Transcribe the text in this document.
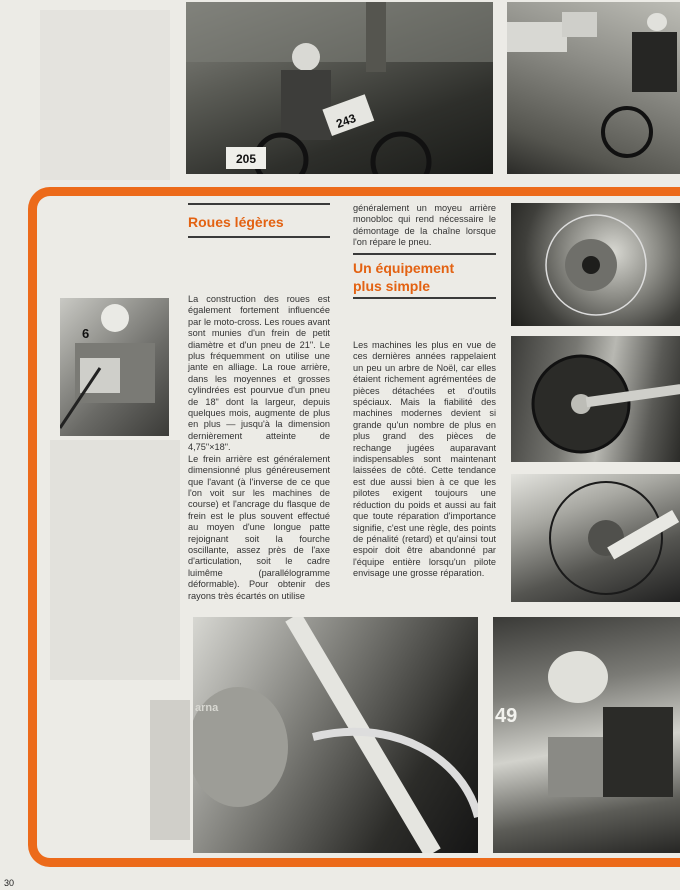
205
243
6
arna	49
Roues légères

La construction des roues est également fortement influencée par le moto-cross. Les roues avant sont munies d'un frein de petit diamètre et d'un pneu de 21". Le plus fréquemment on utilise une jante en alliage. La roue arrière, dans les moyennes et grosses cylindrées est pourvue d'un pneu de 18" dont la largeur, depuis quelques mois, augmente de plus en plus — jusqu'à la dimension dernièrement atteinte de 4,75"×18".

Le frein arrière est généralement dimensionné plus généreusement que l'avant (à l'inverse de ce que l'on voit sur les machines de course) et l'ancrage du flasque de frein est le plus souvent effectué au moyen d'une longue patte rejoignant soit la fourche oscillante, assez près de l'axe d'articulation, soit le cadre luimême (parallélogramme déformable). Pour obtenir des rayons très écartés on utilise

généralement un moyeu arrière monobloc qui rend nécessaire le démontage de la chaîne lorsque l'on répare le pneu.

Un équipement
plus simple

Les machines les plus en vue de ces dernières années rappelaient un peu un arbre de Noël, car elles étaient richement agrémentées de pièces détachées et d'outils spéciaux. Mais la fiabilité des machines modernes devient si grande qu'un nombre de plus en plus grand des pièces de rechange jugées auparavant indispensables sont maintenant laissées de côté. Cette tendance est due aussi bien à ce que les pilotes exigent toujours une réduction du poids et aussi au fait que toute réparation d'importance signifie, c'est une règle, des points de pénalité (retard) et qu'ainsi tout espoir doit être abandonné par l'équipe entière lorsqu'un pilote envisage une grosse réparation.

30
